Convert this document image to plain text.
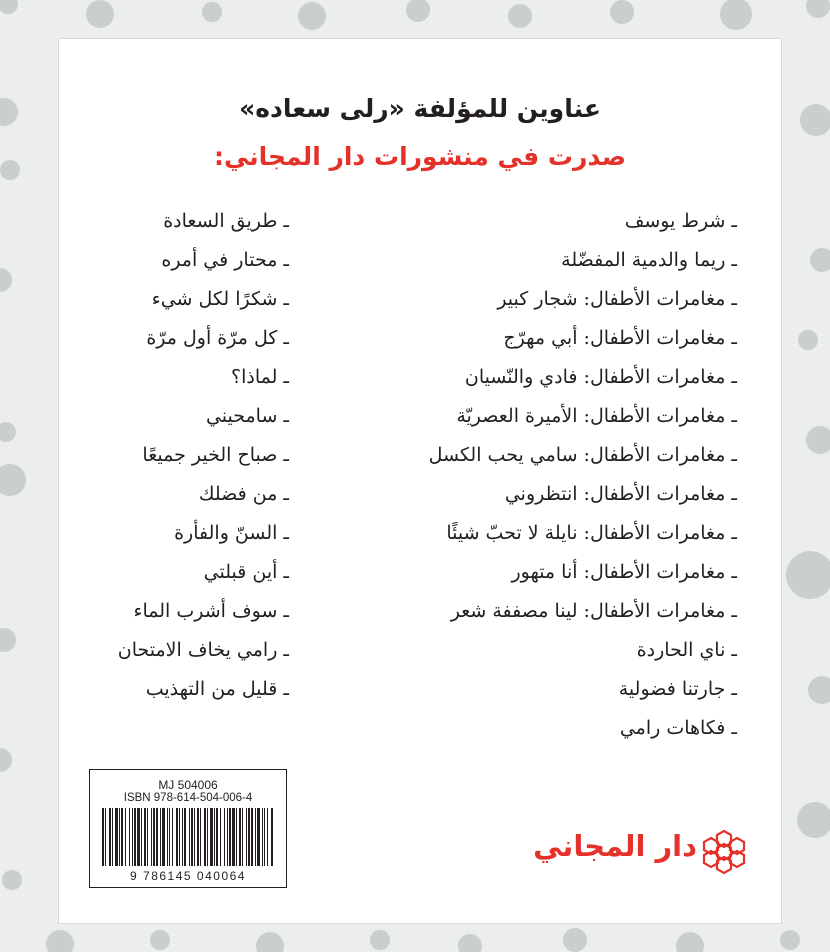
عناوين للمؤلفة «رلى سعاده»
صدرت في منشورات دار المجاني:
ـ شرط يوسف
ـ ريما والدمية المفضّلة
ـ مغامرات الأطفال: شجار كبير
ـ مغامرات الأطفال: أبي مهرّج
ـ مغامرات الأطفال: فادي والنّسيان
ـ مغامرات الأطفال: الأميرة العصريّة
ـ مغامرات الأطفال: سامي يحب الكسل
ـ مغامرات الأطفال: انتظروني
ـ مغامرات الأطفال: نايلة لا تحبّ شيئًا
ـ مغامرات الأطفال: أنا متهور
ـ مغامرات الأطفال: لينا مصففة شعر
ـ ناي الحاردة
ـ جارتنا فضولية
ـ فكاهات رامي
ـ طريق السعادة
ـ محتار في أمره
ـ شكرًا لكل شيء
ـ كل مرّة أول مرّة
ـ لماذا؟
ـ سامحيني
ـ صباح الخير جميعًا
ـ من فضلك
ـ السنّ والفأرة
ـ أين قبلتي
ـ سوف أشرب الماء
ـ رامي يخاف الامتحان
ـ قليل من التهذيب
MJ 504006
ISBN 978-614-504-006-4
9 786145 040064
دار المجاني
